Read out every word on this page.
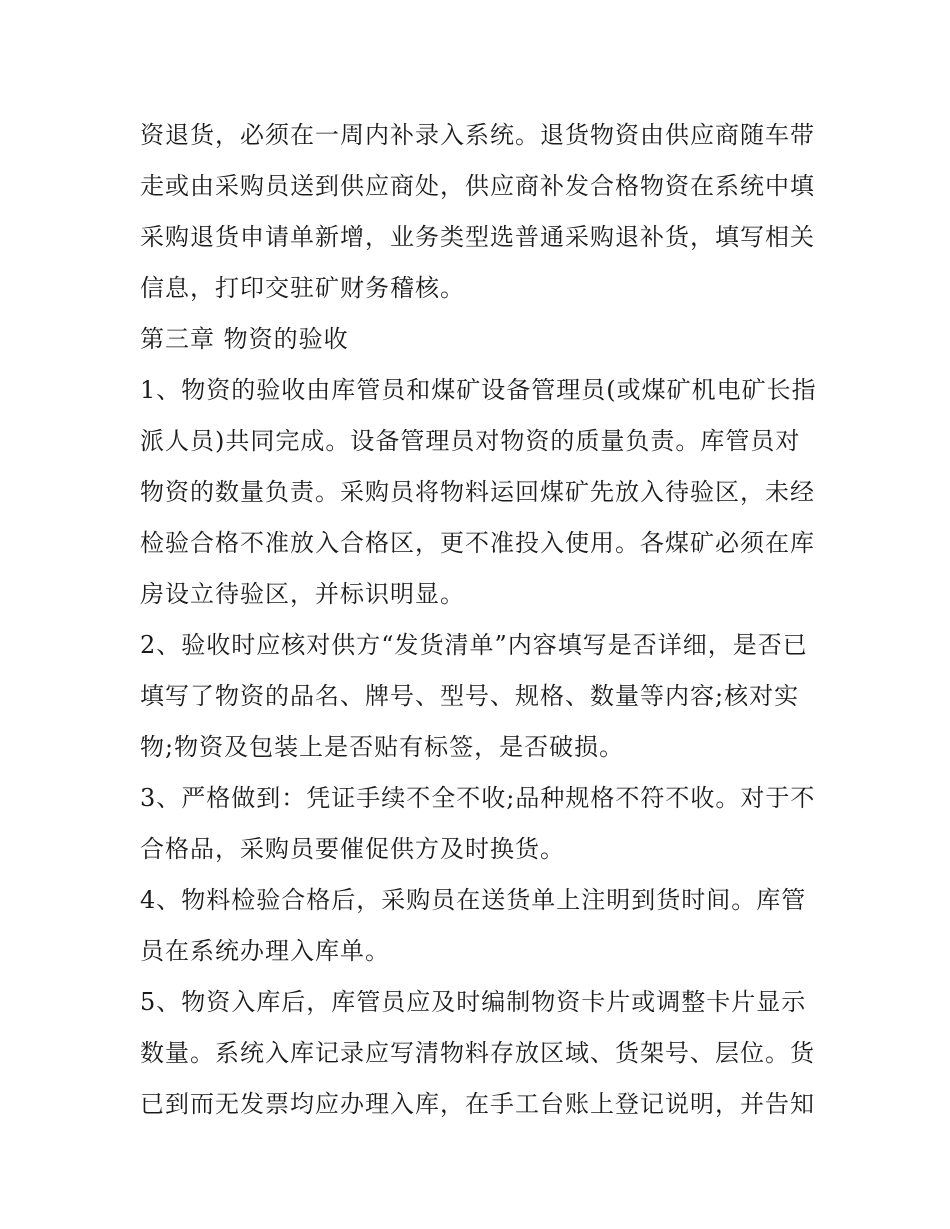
资退货，必须在一周内补录入系统。退货物资由供应商随车带走或由采购员送到供应商处，供应商补发合格物资在系统中填采购退货申请单新增，业务类型选普通采购退补货，填写相关信息，打印交驻矿财务稽核。

第三章 物资的验收

1、物资的验收由库管员和煤矿设备管理员(或煤矿机电矿长指派人员)共同完成。设备管理员对物资的质量负责。库管员对物资的数量负责。采购员将物料运回煤矿先放入待验区，未经检验合格不准放入合格区，更不准投入使用。各煤矿必须在库房设立待验区，并标识明显。

2、验收时应核对供方“发货清单”内容填写是否详细，是否已填写了物资的品名、牌号、型号、规格、数量等内容;核对实物;物资及包装上是否贴有标签，是否破损。

3、严格做到：凭证手续不全不收;品种规格不符不收。对于不合格品，采购员要催促供方及时换货。

4、物料检验合格后，采购员在送货单上注明到货时间。库管员在系统办理入库单。

5、物资入库后，库管员应及时编制物资卡片或调整卡片显示数量。系统入库记录应写清物料存放区域、货架号、层位。货已到而无发票均应办理入库，在手工台账上登记说明，并告知
